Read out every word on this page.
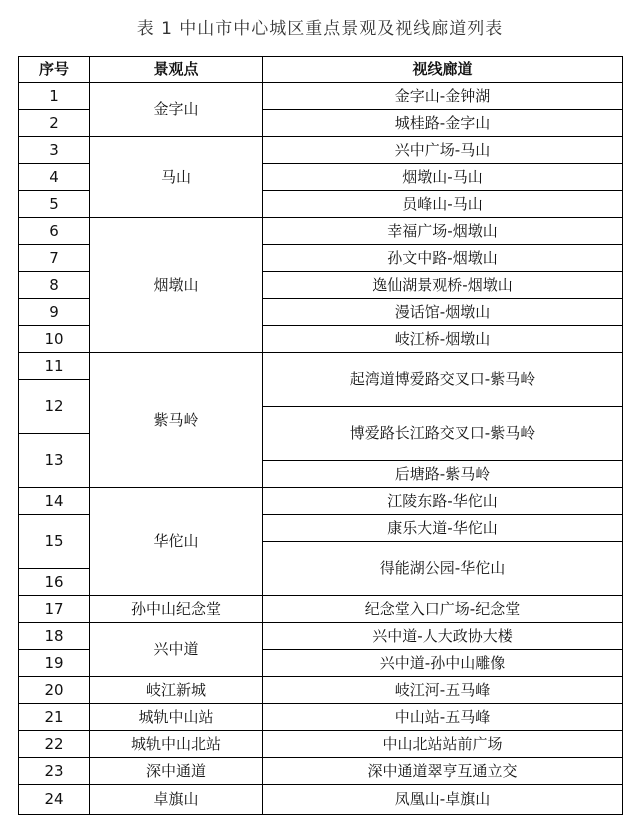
表 1 中山市中心城区重点景观及视线廊道列表
序号	景观点	视线廊道
1
2
3
4
5
6
7
8
9
10
11
12
13
14
15
16
17
18
19
20
21
22
23
24
金字山
马山
烟墩山
紫马岭
华佗山
孙中山纪念堂
兴中道
岐江新城
城轨中山站
城轨中山北站
深中通道
卓旗山
金字山-金钟湖
城桂路-金字山
兴中广场-马山
烟墩山-马山
员峰山-马山
幸福广场-烟墩山
孙文中路-烟墩山
逸仙湖景观桥-烟墩山
漫话馆-烟墩山
岐江桥-烟墩山
起湾道博爱路交叉口-紫马岭
博爱路长江路交叉口-紫马岭
后塘路-紫马岭
江陵东路-华佗山
康乐大道-华佗山
得能湖公园-华佗山
纪念堂入口广场-纪念堂
兴中道-人大政协大楼
兴中道-孙中山雕像
岐江河-五马峰
中山站-五马峰
中山北站站前广场
深中通道翠亨互通立交
凤凰山-卓旗山
